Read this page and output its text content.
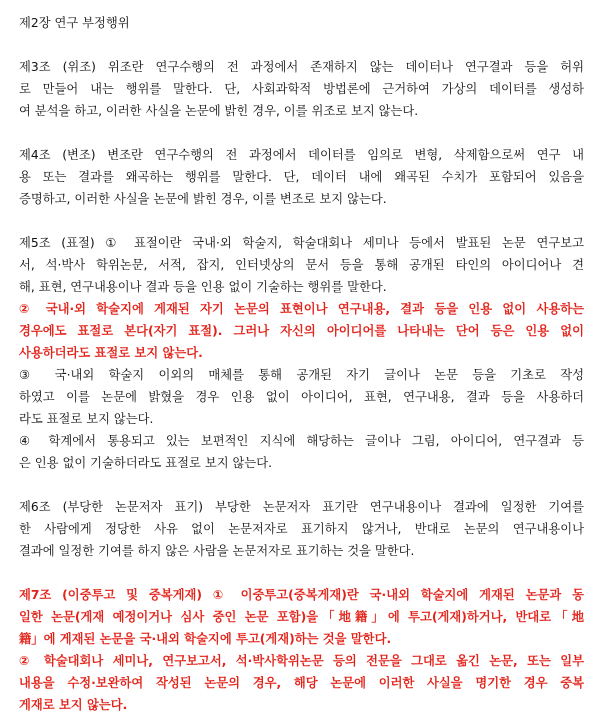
제2장 연구 부정행위
제3조 (위조) 위조란 연구수행의 전 과정에서 존재하지 않는 데이터나 연구결과 등을 허위
로 만들어 내는 행위를 말한다. 단, 사회과학적 방법론에 근거하여 가상의 데이터를 생성하
여 분석을 하고, 이러한 사실을 논문에 밝힌 경우, 이를 위조로 보지 않는다.
제4조 (변조) 변조란 연구수행의 전 과정에서 데이터를 임의로 변형, 삭제함으로써 연구 내
용 또는 결과를 왜곡하는 행위를 말한다. 단, 데이터 내에 왜곡된 수치가 포함되어 있음을
증명하고, 이러한 사실을 논문에 밝힌 경우, 이를 변조로 보지 않는다.
제5조 (표절) ① 표절이란 국내·외 학술지, 학술대회나 세미나 등에서 발표된 논문 연구보고
서, 석·박사 학위논문, 서적, 잡지, 인터넷상의 문서 등을 통해 공개된 타인의 아이디어나 견
해, 표현, 연구내용이나 결과 등을 인용 없이 기술하는 행위를 말한다.
② 국내·외 학술지에 게재된 자기 논문의 표현이나 연구내용, 결과 등을 인용 없이 사용하는
경우에도 표절로 본다(자기 표절). 그러나 자신의 아이디어를 나타내는 단어 등은 인용 없이
사용하더라도 표절로 보지 않는다.
③ 국·내외 학술지 이외의 매체를 통해 공개된 자기 글이나 논문 등을 기초로 작성
하였고 이를 논문에 밝혔을 경우 인용 없이 아이디어, 표현, 연구내용, 결과 등을 사용하더
라도 표절로 보지 않는다.
④ 학계에서 통용되고 있는 보편적인 지식에 해당하는 글이나 그림, 아이디어, 연구결과 등
은 인용 없이 기술하더라도 표절로 보지 않는다.
제6조 (부당한 논문저자 표기) 부당한 논문저자 표기란 연구내용이나 결과에 일정한 기여를
한 사람에게 정당한 사유 없이 논문저자로 표기하지 않거나, 반대로 논문의 연구내용이나
결과에 일정한 기여를 하지 않은 사람을 논문저자로 표기하는 것을 말한다.
제7조 (이중투고 및 중복게재) ① 이중투고(중복게재)란 국·내외 학술지에 게재된 논문과 동
일한 논문(게재 예정이거나 심사 중인 논문 포함)을「地籍」에 투고(게재)하거나, 반대로「地
籍」에 게재된 논문을 국·내외 학술지에 투고(게재)하는 것을 말한다.
② 학술대회나 세미나, 연구보고서, 석·박사학위논문 등의 전문을 그대로 옮긴 논문, 또는 일부
내용을 수정·보완하여 작성된 논문의 경우, 해당 논문에 이러한 사실을 명기한 경우 중복
게재로 보지 않는다.
